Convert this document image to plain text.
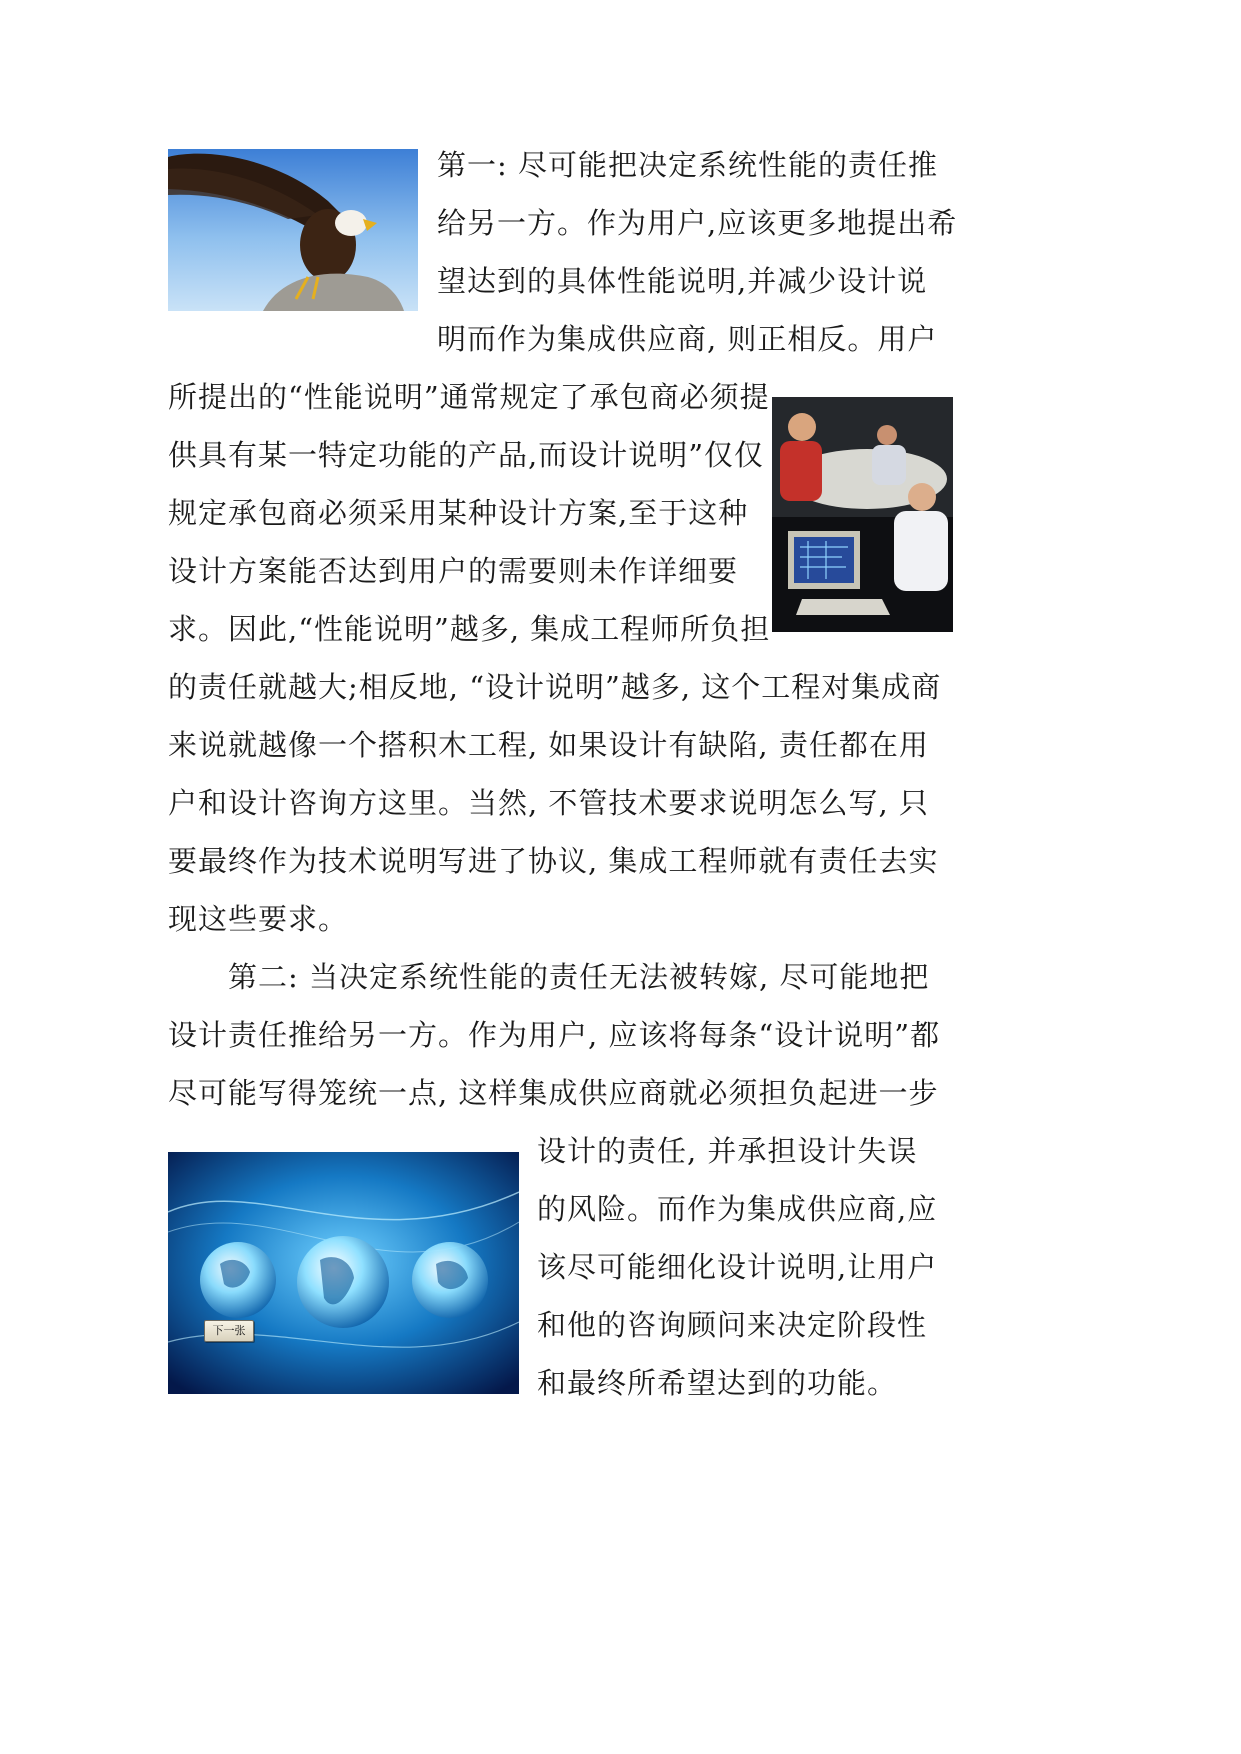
下一张

第一: 尽可能把决定系统性能的责任推

给另一方。作为用户,应该更多地提出希

望达到的具体性能说明,并减少设计说

明而作为集成供应商, 则正相反。用户

所提出的“性能说明”通常规定了承包商必须提

供具有某一特定功能的产品,而设计说明”仅仅

规定承包商必须采用某种设计方案,至于这种

设计方案能否达到用户的需要则未作详细要

求。因此,“性能说明”越多, 集成工程师所负担

的责任就越大;相反地, “设计说明”越多, 这个工程对集成商

来说就越像一个搭积木工程, 如果设计有缺陷, 责任都在用

户和设计咨询方这里。当然, 不管技术要求说明怎么写, 只

要最终作为技术说明写进了协议, 集成工程师就有责任去实

现这些要求。

第二: 当决定系统性能的责任无法被转嫁, 尽可能地把

设计责任推给另一方。作为用户, 应该将每条“设计说明”都

尽可能写得笼统一点, 这样集成供应商就必须担负起进一步

设计的责任, 并承担设计失误

的风险。而作为集成供应商,应

该尽可能细化设计说明,让用户

和他的咨询顾问来决定阶段性

和最终所希望达到的功能。
